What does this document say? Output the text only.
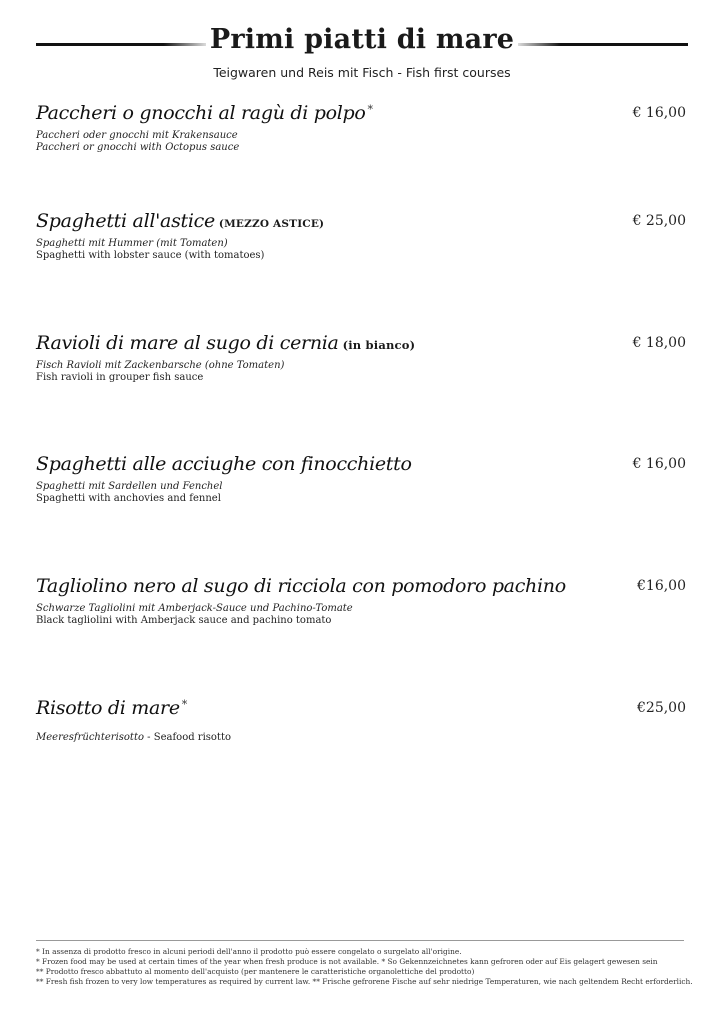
Primi piatti di mare
Teigwaren und Reis mit Fisch - Fish first courses
Paccheri o gnocchi al ragù di polpo *	€ 16,00
Paccheri oder gnocchi mit Krakensauce
Paccheri or gnocchi with Octopus sauce
Spaghetti all'astice (MEZZO ASTICE)	€ 25,00
Spaghetti mit Hummer (mit Tomaten)
Spaghetti with lobster sauce (with tomatoes)
Ravioli di mare al sugo di cernia (in bianco)	€ 18,00
Fisch Ravioli mit Zackenbarsche (ohne Tomaten)
Fish ravioli in grouper fish sauce
Spaghetti alle acciughe con finocchietto	€ 16,00
Spaghetti mit Sardellen und Fenchel
Spaghetti with anchovies and fennel
Tagliolino nero al sugo di ricciola con pomodoro pachino	€16,00
Schwarze Tagliolini mit Amberjack-Sauce und Pachino-Tomate
Black tagliolini with Amberjack sauce and pachino tomato
Risotto di mare *	€25,00
Meeresfrüchterisotto - Seafood risotto
* In assenza di prodotto fresco in alcuni periodi dell'anno il prodotto può essere congelato o surgelato all'origine.
* Frozen food may be used at certain times of the year when fresh produce is not available. * So Gekennzeichnetes kann gefroren oder auf Eis gelagert gewesen sein
** Prodotto fresco abbattuto al momento dell'acquisto (per mantenere le caratteristiche organolettiche del prodotto)
** Fresh fish frozen to very low temperatures as required by current law. ** Frische gefrorene Fische auf sehr niedrige Temperaturen, wie nach geltendem Recht erforderlich.
